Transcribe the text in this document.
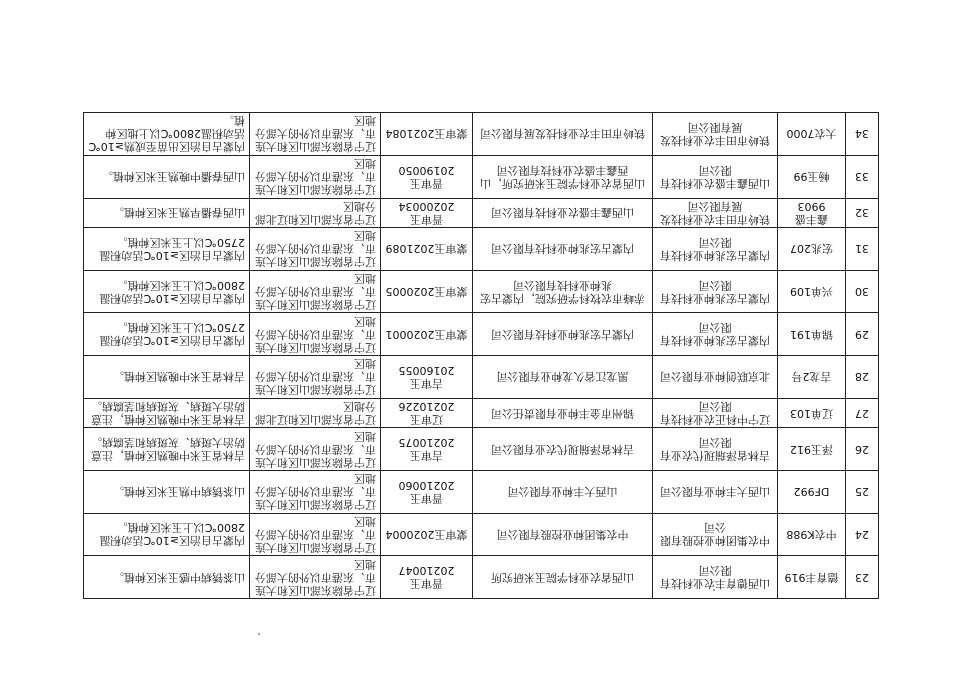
23	德育丰919	山西德育丰农业科技有限公司	山西省农业科学院玉米研究所	晋审玉20210047	辽宁省除东部山区和大连市、东港市以外的大部分地区	山茶锈病中感玉米区种植。
24	中农K988	中农集团种业控股有限公司	中农集团种业控股有限公司	蒙审玉2020004	辽宁省除东部山区和大连市、东港市以外的大部分地区	内蒙古自治区≥10℃活动积温2800℃以上玉米区种植。
25	DF992	山西大丰种业有限公司	山西大丰种业有限公司	晋审玉20210060	辽宁省除东部山区和大连市、东港市以外的大部分地区	山茶锈病中熟玉米区种植。
26	泽玉912	吉林省泽瑞现代农业有限公司	吉林省泽瑞现代农业有限公司	吉审玉20210075	辽宁省除东部山区和大连市、东港市以外的大部分地区	吉林省玉米中晚熟区种植，注意防治大斑病、灰斑病和茎腐病。
27	辽单103	辽宁中科正农业科技有限公司	锦州市金丰种业有限责任公司	辽审玉20210226	辽宁省东部山区和辽北部分地区	吉林省玉米中晚熟区种植，注意防治大斑病、灰斑病和茎腐病。
28	吉龙2号	北京联创种业有限公司	黑龙江省久龙种业有限公司	吉审玉20160055	辽宁省除东部山区和大连市、东港市以外的大部分地区	吉林省玉米中晚熟区种植。
29	锦单191	内蒙古宏兆种业科技有限公司	内蒙古宏兆种业科技有限公司	蒙审玉2020001	辽宁省除东部山区和大连市、东港市以外的大部分地区	内蒙古自治区≥10℃活动积温2750℃以上玉米区种植。
30	兴单109	内蒙古宏兆种业科技有限公司	赤峰市农牧科学研究院，内蒙古宏兆种业科技有限公司	蒙审玉2020005	辽宁省除东部山区和大连市、东港市以外的大部分地区	内蒙古自治区≥10℃活动积温2800℃以上玉米区种植。
31	宏兆207	内蒙古宏兆种业科技有限公司	内蒙古宏兆种业科技有限公司	蒙审玉2021089	辽宁省除东部山区和大连市、东港市以外的大部分地区	内蒙古自治区≥10℃活动积温2750℃以上玉米区种植。
32	鑫丰盛9903	铁岭市田丰农业科技发展有限公司	山西鑫丰盛农业科技有限公司	晋审玉20200034	辽宁省东部山区和辽北部分地区	山西春播早熟玉米区种植。
33	畅玉99	山西鑫丰盛农业科技有限公司	山西省农业科学院玉米研究所，山西鑫丰盛农业科技有限公司	晋审玉20190050	辽宁省除东部山区和大连市、东港市以外的大部分地区	山西春播中晚熟玉米区种植。
34	大农7000	铁岭市田丰农业科技发展有限公司	铁岭市田丰农业科技发展有限公司	蒙审玉2021084	辽宁省除东部山区和大连市、东港市以外的大部分地区	内蒙古自治区出苗至成熟≥10℃活动积温2800℃以上地区种植。
